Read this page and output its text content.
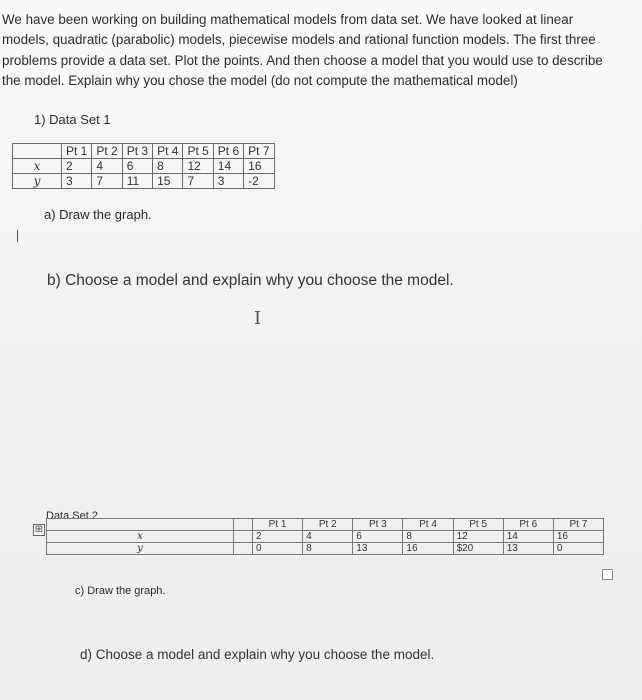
We have been working on building mathematical models from data set. We have looked at linear
models, quadratic (parabolic) models, piecewise models and rational function models. The first three
problems provide a data set. Plot the points. And then choose a model that you would use to describe
the model. Explain why you chose the model (do not compute the mathematical model)
1) Data Set 1
	Pt 1	Pt 2	Pt 3	Pt 4	Pt 5	Pt 6	Pt 7
x	2	4	6	8	12	14	16
y	3	7	11	15	7	3	-2
a) Draw the graph.
b) Choose a model and explain why you choose the model.
I
Data Set 2
⊞
			Pt 1	Pt 2	Pt 3	Pt 4	Pt 5	Pt 6	Pt 7
x		2	4	6	8	12	14	16
y		0	8	13	16	$20	13	0
c) Draw the graph.
d) Choose a model and explain why you choose the model.
